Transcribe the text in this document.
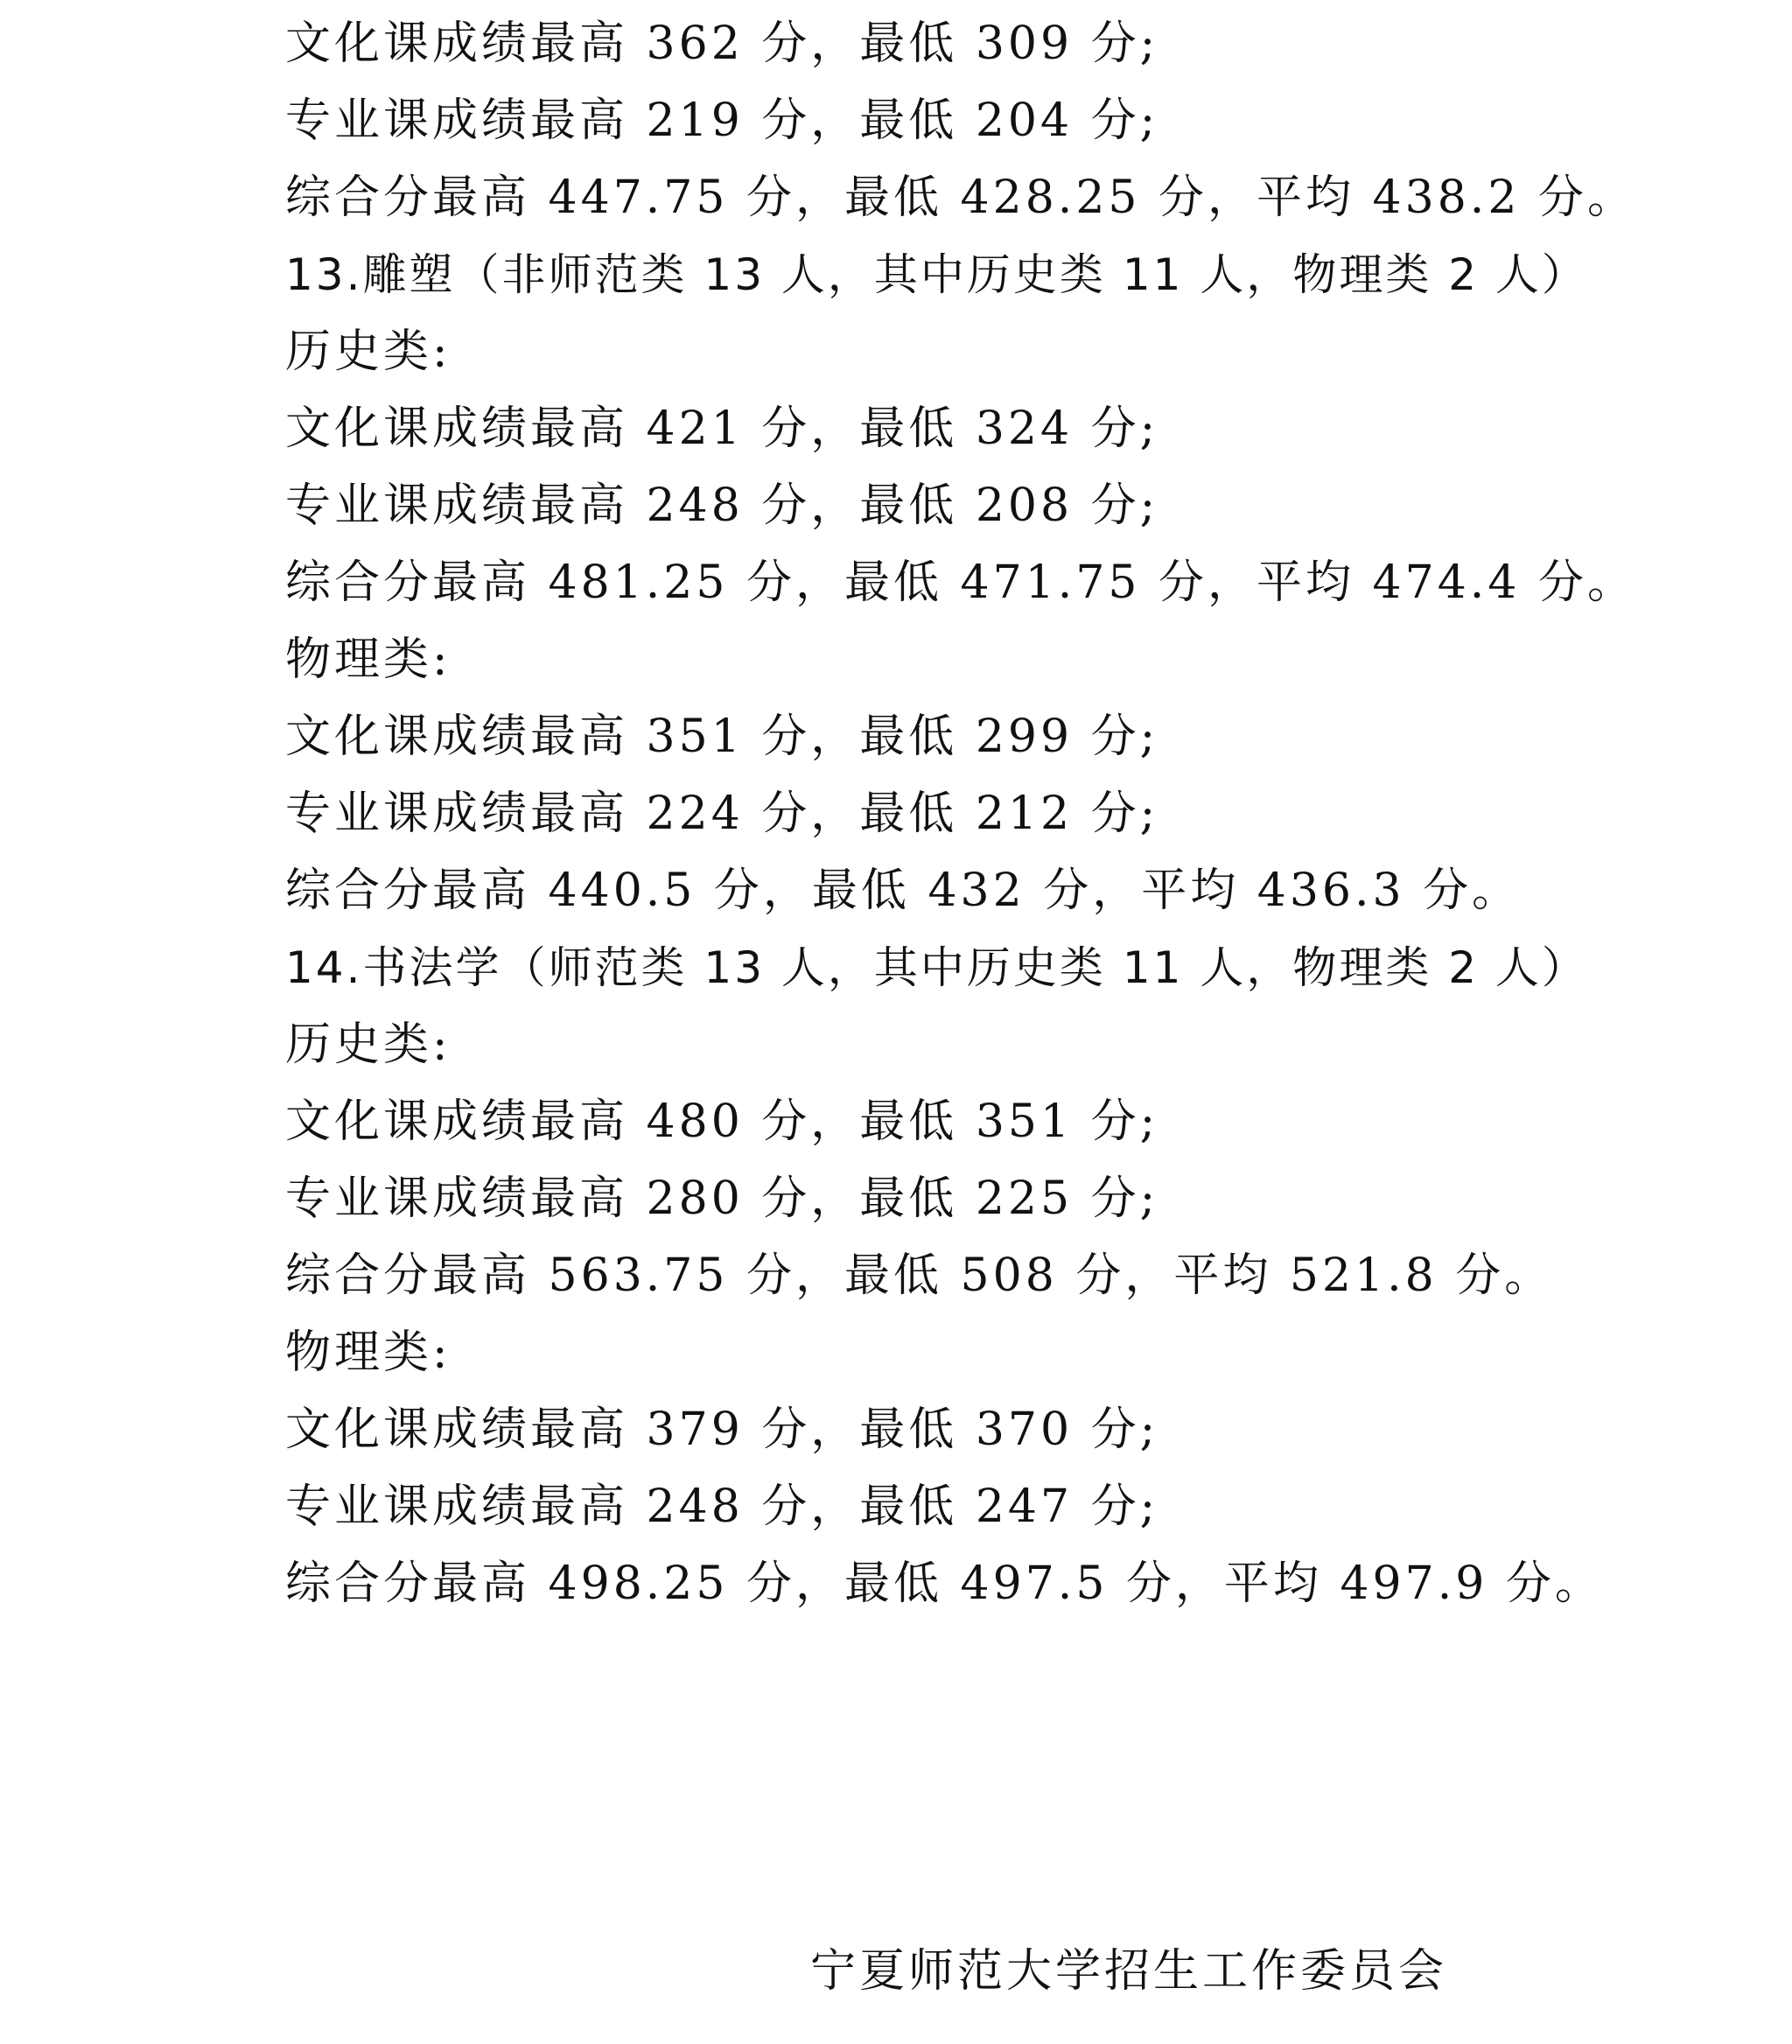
文化课成绩最高 362 分，最低 309 分;
专业课成绩最高 219 分，最低 204 分;
综合分最高 447.75 分，最低 428.25 分，平均 438.2 分。
13.雕塑（非师范类 13 人，其中历史类 11 人，物理类 2 人）
历史类:
文化课成绩最高 421 分，最低 324 分;
专业课成绩最高 248 分，最低 208 分;
综合分最高 481.25 分，最低 471.75 分，平均 474.4 分。
物理类:
文化课成绩最高 351 分，最低 299 分;
专业课成绩最高 224 分，最低 212 分;
综合分最高 440.5 分，最低 432 分，平均 436.3 分。
14.书法学（师范类 13 人，其中历史类 11 人，物理类 2 人）
历史类:
文化课成绩最高 480 分，最低 351 分;
专业课成绩最高 280 分，最低 225 分;
综合分最高 563.75 分，最低 508 分，平均 521.8 分。
物理类:
文化课成绩最高 379 分，最低 370 分;
专业课成绩最高 248 分，最低 247 分;
综合分最高 498.25 分，最低 497.5 分，平均 497.9 分。
宁夏师范大学招生工作委员会
